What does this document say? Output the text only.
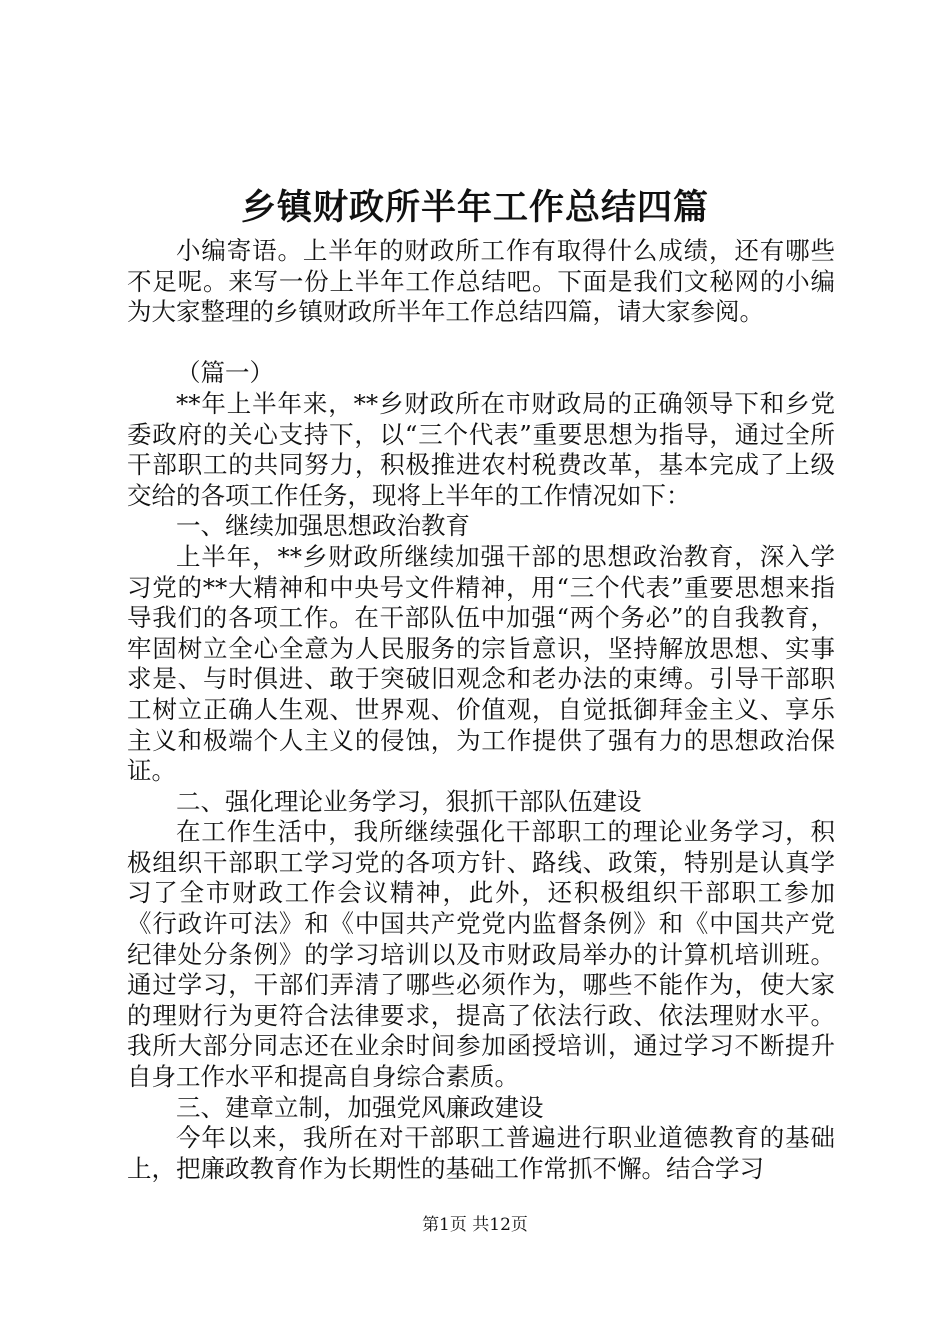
乡镇财政所半年工作总结四篇

小编寄语。上半年的财政所工作有取得什么成绩，还有哪些不足呢。来写一份上半年工作总结吧。下面是我们文秘网的小编为大家整理的乡镇财政所半年工作总结四篇，请大家参阅。

（篇一）

**年上半年来，**乡财政所在市财政局的正确领导下和乡党委政府的关心支持下，以“三个代表”重要思想为指导，通过全所干部职工的共同努力，积极推进农村税费改革，基本完成了上级交给的各项工作任务，现将上半年的工作情况如下：

一、继续加强思想政治教育

上半年，**乡财政所继续加强干部的思想政治教育，深入学习党的**大精神和中央号文件精神，用“三个代表”重要思想来指导我们的各项工作。在干部队伍中加强“两个务必”的自我教育，牢固树立全心全意为人民服务的宗旨意识，坚持解放思想、实事求是、与时俱进、敢于突破旧观念和老办法的束缚。引导干部职工树立正确人生观、世界观、价值观，自觉抵御拜金主义、享乐主义和极端个人主义的侵蚀，为工作提供了强有力的思想政治保证。

二、强化理论业务学习，狠抓干部队伍建设

在工作生活中，我所继续强化干部职工的理论业务学习，积极组织干部职工学习党的各项方针、路线、政策，特别是认真学习了全市财政工作会议精神，此外，还积极组织干部职工参加《行政许可法》和《中国共产党党内监督条例》和《中国共产党纪律处分条例》的学习培训以及市财政局举办的计算机培训班。通过学习，干部们弄清了哪些必须作为，哪些不能作为，使大家的理财行为更符合法律要求，提高了依法行政、依法理财水平。我所大部分同志还在业余时间参加函授培训，通过学习不断提升自身工作水平和提高自身综合素质。

三、建章立制，加强党风廉政建设

今年以来，我所在对干部职工普遍进行职业道德教育的基础上，把廉政教育作为长期性的基础工作常抓不懈。结合学习

第1页 共12页
